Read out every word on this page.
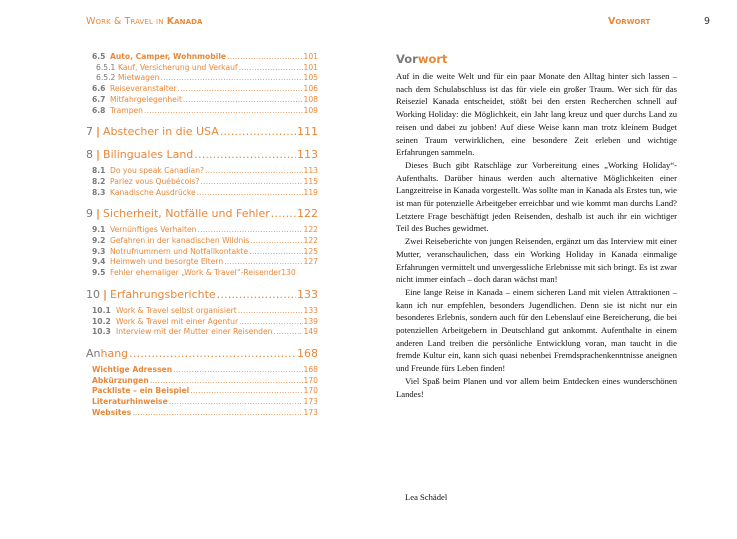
Work & Travel in Kanada
6.5 Auto, Camper, Wohnmobile .....	101
6.5.1 Kauf, Versicherung und Verkauf .....	101
6.5.2 Mietwagen .....	105
6.6 Reiseveranstalter .....	106
6.7 Mitfahrgelegenheit .....	108
6.8 Trampen .....	109
7 | Abstecher in die USA .....	111
8 | Bilinguales Land .....	113
8.1 Do you speak Canadian? .....	113
8.2 Parlez vous Québécois? .....	115
8.3 Kanadische Ausdrücke .....	119
9 | Sicherheit, Notfälle und Fehler ..... 122
9.1 Vernünftiges Verhalten .....	122
9.2 Gefahren in der kanadischen Wildnis .....	122
9.3 Notrufnummern und Notfallkontakte .....	125
9.4 Heimweh und besorgte Eltern .....	127
9.5 Fehler ehemaliger „Work & Travel“-Reisender 130
10 | Erfahrungsberichte .....	133
10.1 Work & Travel selbst organisiert .....	133
10.2 Work & Travel mit einer Agentur .....	139
10.3 Interview mit der Mutter einer Reisenden .....	149
Anhang .....	168
Wichtige Adressen .....	168
Abkürzungen .....	170
Packliste – ein Beispiel .....	170
Literaturhinweise .....	173
Websites .....	173
Vorwort	9
Vorwort

Auf in die weite Welt und für ein paar Monate den Alltag hinter sich lassen – nach dem Schulabschluss ist das für viele ein großer Traum. Wer sich für das Reiseziel Kanada entscheidet, stößt bei den ersten Recherchen schnell auf Working Holiday: die Möglichkeit, ein Jahr lang kreuz und quer durchs Land zu reisen und dabei zu jobben! Auf diese Weise kann man trotz kleinem Budget seinen Traum verwirklichen, eine besondere Zeit erleben und wichtige Erfahrungen sammeln.

Dieses Buch gibt Ratschläge zur Vorbereitung eines „Working Holiday“-Aufenthalts. Darüber hinaus werden auch alternative Möglichkeiten einer Langzeitreise in Kanada vorgestellt. Was sollte man in Kanada als Erstes tun, wie ist man für potenzielle Arbeitgeber erreichbar und wie kommt man durchs Land? Letztere Frage beschäftigt jeden Reisenden, deshalb ist auch ihr ein wichtiger Teil des Buches gewidmet.

Zwei Reiseberichte von jungen Reisenden, ergänzt um das Interview mit einer Mutter, veranschaulichen, dass ein Working Holiday in Kanada einmalige Erfahrungen vermittelt und unvergessliche Erlebnisse mit sich bringt. Es ist zwar nicht immer einfach – doch daran wächst man!

Eine lange Reise in Kanada – einem sicheren Land mit vielen Attraktionen – kann ich nur empfehlen, besonders Jugendlichen. Denn sie ist nicht nur ein besonderes Erlebnis, sondern auch für den Lebenslauf eine Bereicherung, die bei potenziellen Arbeitgebern in Deutschland gut ankommt. Aufenthalte in einem anderen Land treiben die persönliche Entwicklung voran, man taucht in die fremde Kultur ein, kann sich quasi nebenbei Fremdsprachenkenntnisse aneignen und Freunde fürs Leben finden!

Viel Spaß beim Planen und vor allem beim Entdecken eines wunderschönen Landes!

Lea Schädel
